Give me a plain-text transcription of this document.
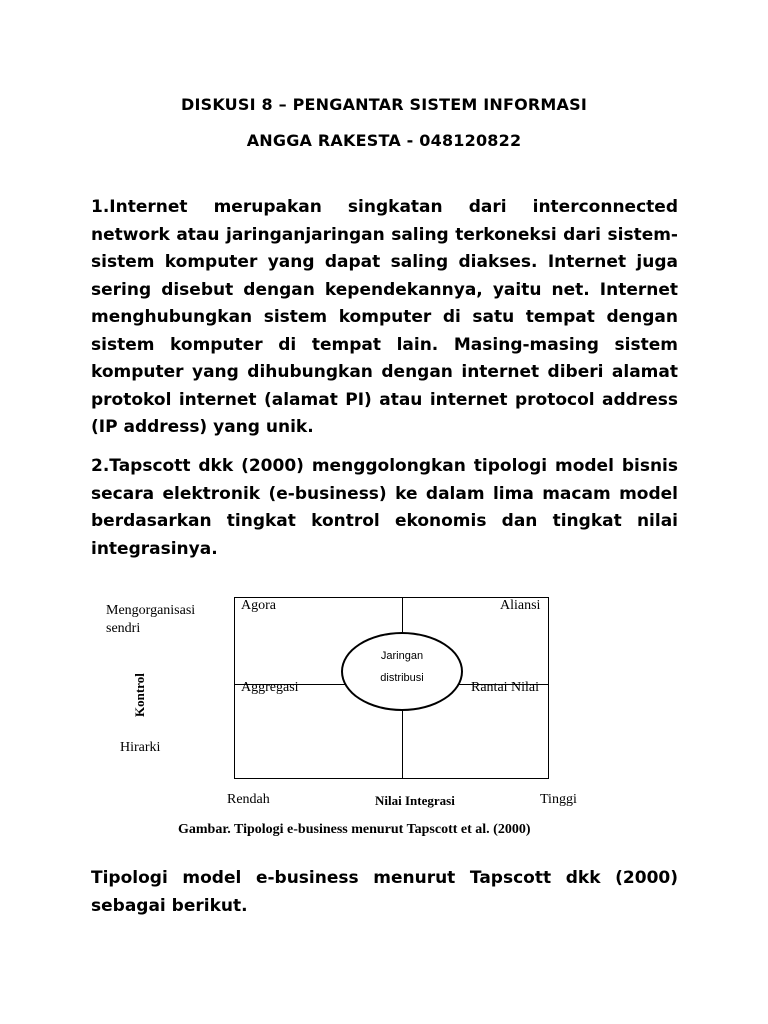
DISKUSI 8 – PENGANTAR SISTEM INFORMASI
ANGGA RAKESTA - 048120822

1.Internet merupakan singkatan dari interconnected network atau jaringanjaringan saling terkoneksi dari sistem-sistem komputer yang dapat saling diakses. Internet juga sering disebut dengan kependekannya, yaitu net. Internet menghubungkan sistem komputer di satu tempat dengan sistem komputer di tempat lain. Masing-masing sistem komputer yang dihubungkan dengan internet diberi alamat protokol internet (alamat PI) atau internet protocol address (IP address) yang unik.

2.Tapscott dkk (2000) menggolongkan tipologi model bisnis secara elektronik (e-business) ke dalam lima macam model berdasarkan tingkat kontrol ekonomis dan tingkat nilai integrasinya.

Mengorganisasi sendri
Kontrol
Hirarki
Agora	Aliansi
Aggregasi	Rantai Nilai
Jaringan
distribusi
Rendah	Nilai Integrasi	Tinggi
Gambar. Tipologi e-business menurut Tapscott et al. (2000)

Tipologi model e-business menurut Tapscott dkk (2000) sebagai berikut.
